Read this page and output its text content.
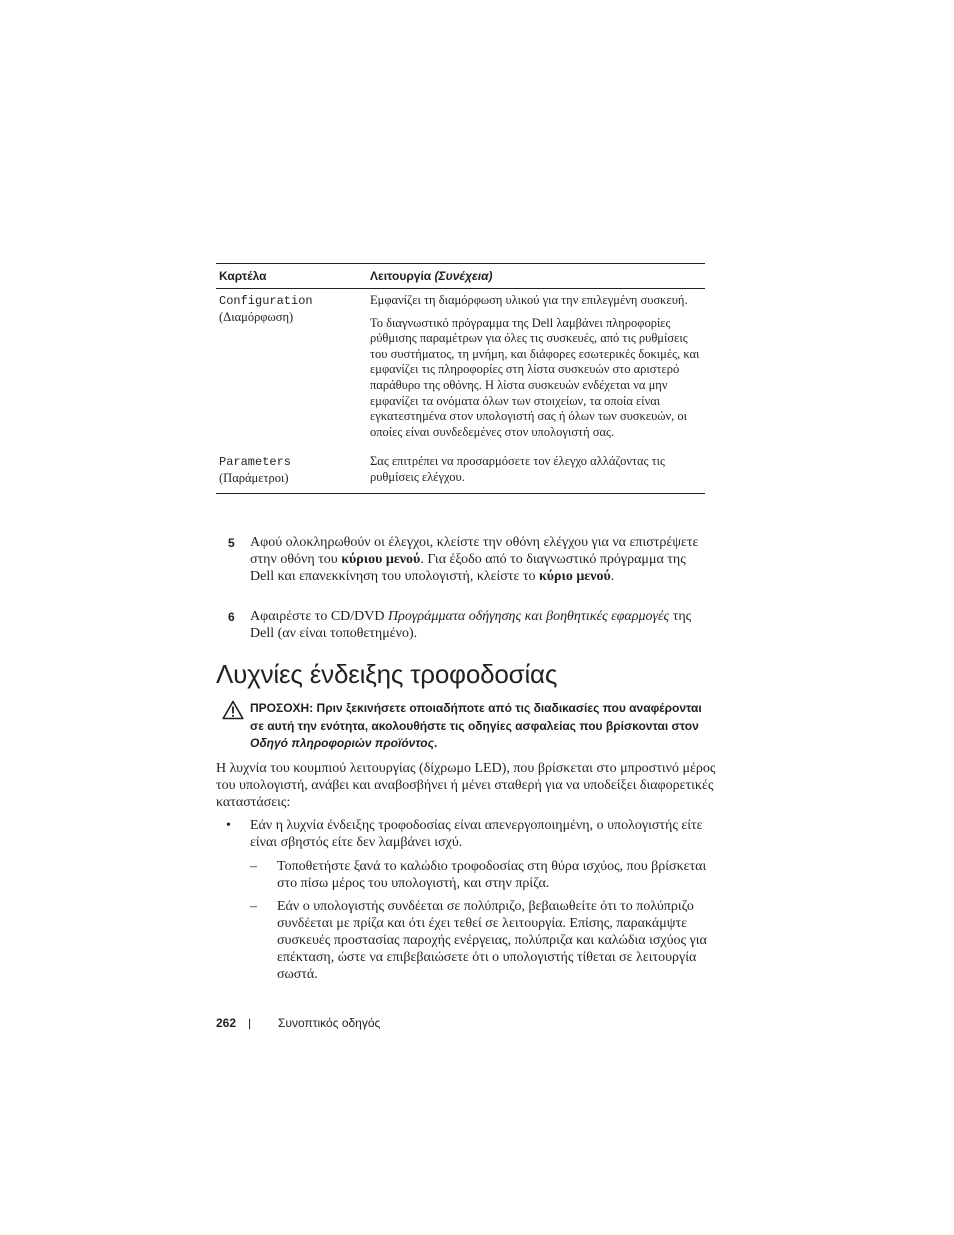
Καρτέλα	Λειτουργία (Συνέχεια)
Configuration
(Διαμόρφωση)

Εμφανίζει τη διαμόρφωση υλικού για την επιλεγμένη συσκευή.

Το διαγνωστικό πρόγραμμα της Dell λαμβάνει πληροφορίες ρύθμισης παραμέτρων για όλες τις συσκευές, από τις ρυθμίσεις του συστήματος, τη μνήμη, και διάφορες εσωτερικές δοκιμές, και εμφανίζει τις πληροφορίες στη λίστα συσκευών στο αριστερό παράθυρο της οθόνης. Η λίστα συσκευών ενδέχεται να μην εμφανίζει τα ονόματα όλων των στοιχείων, τα οποία είναι εγκατεστημένα στον υπολογιστή σας ή όλων των συσκευών, οι οποίες είναι συνδεδεμένες στον υπολογιστή σας.

Parameters
(Παράμετροι)

Σας επιτρέπει να προσαρμόσετε τον έλεγχο αλλάζοντας τις ρυθμίσεις ελέγχου.

5 Αφού ολοκληρωθούν οι έλεγχοι, κλείστε την οθόνη ελέγχου για να επιστρέψετε στην οθόνη του κύριου μενού. Για έξοδο από το διαγνωστικό πρόγραμμα της Dell και επανεκκίνηση του υπολογιστή, κλείστε το κύριο μενού.
6 Αφαιρέστε το CD/DVD Προγράμματα οδήγησης και βοηθητικές εφαρμογές της Dell (αν είναι τοποθετημένο).
Λυχνίες ένδειξης τροφοδοσίας
ΠΡΟΣΟΧΗ: Πριν ξεκινήσετε οποιαδήποτε από τις διαδικασίες που αναφέρονται σε αυτή την ενότητα, ακολουθήστε τις οδηγίες ασφαλείας που βρίσκονται στον Οδηγό πληροφοριών προϊόντος.
Η λυχνία του κουμπιού λειτουργίας (δίχρωμο LED), που βρίσκεται στο μπροστινό μέρος του υπολογιστή, ανάβει και αναβοσβήνει ή μένει σταθερή για να υποδείξει διαφορετικές καταστάσεις:
• Εάν η λυχνία ένδειξης τροφοδοσίας είναι απενεργοποιημένη, ο υπολογιστής είτε είναι σβηστός είτε δεν λαμβάνει ισχύ.
– Τοποθετήστε ξανά το καλώδιο τροφοδοσίας στη θύρα ισχύος, που βρίσκεται στο πίσω μέρος του υπολογιστή, και στην πρίζα.
– Εάν ο υπολογιστής συνδέεται σε πολύπριζο, βεβαιωθείτε ότι το πολύπριζο συνδέεται με πρίζα και ότι έχει τεθεί σε λειτουργία. Επίσης, παρακάμψτε συσκευές προστασίας παροχής ενέργειας, πολύπριζα και καλώδια ισχύος για επέκταση, ώστε να επιβεβαιώσετε ότι ο υπολογιστής τίθεται σε λειτουργία σωστά.
262 | Συνοπτικός οδηγός
